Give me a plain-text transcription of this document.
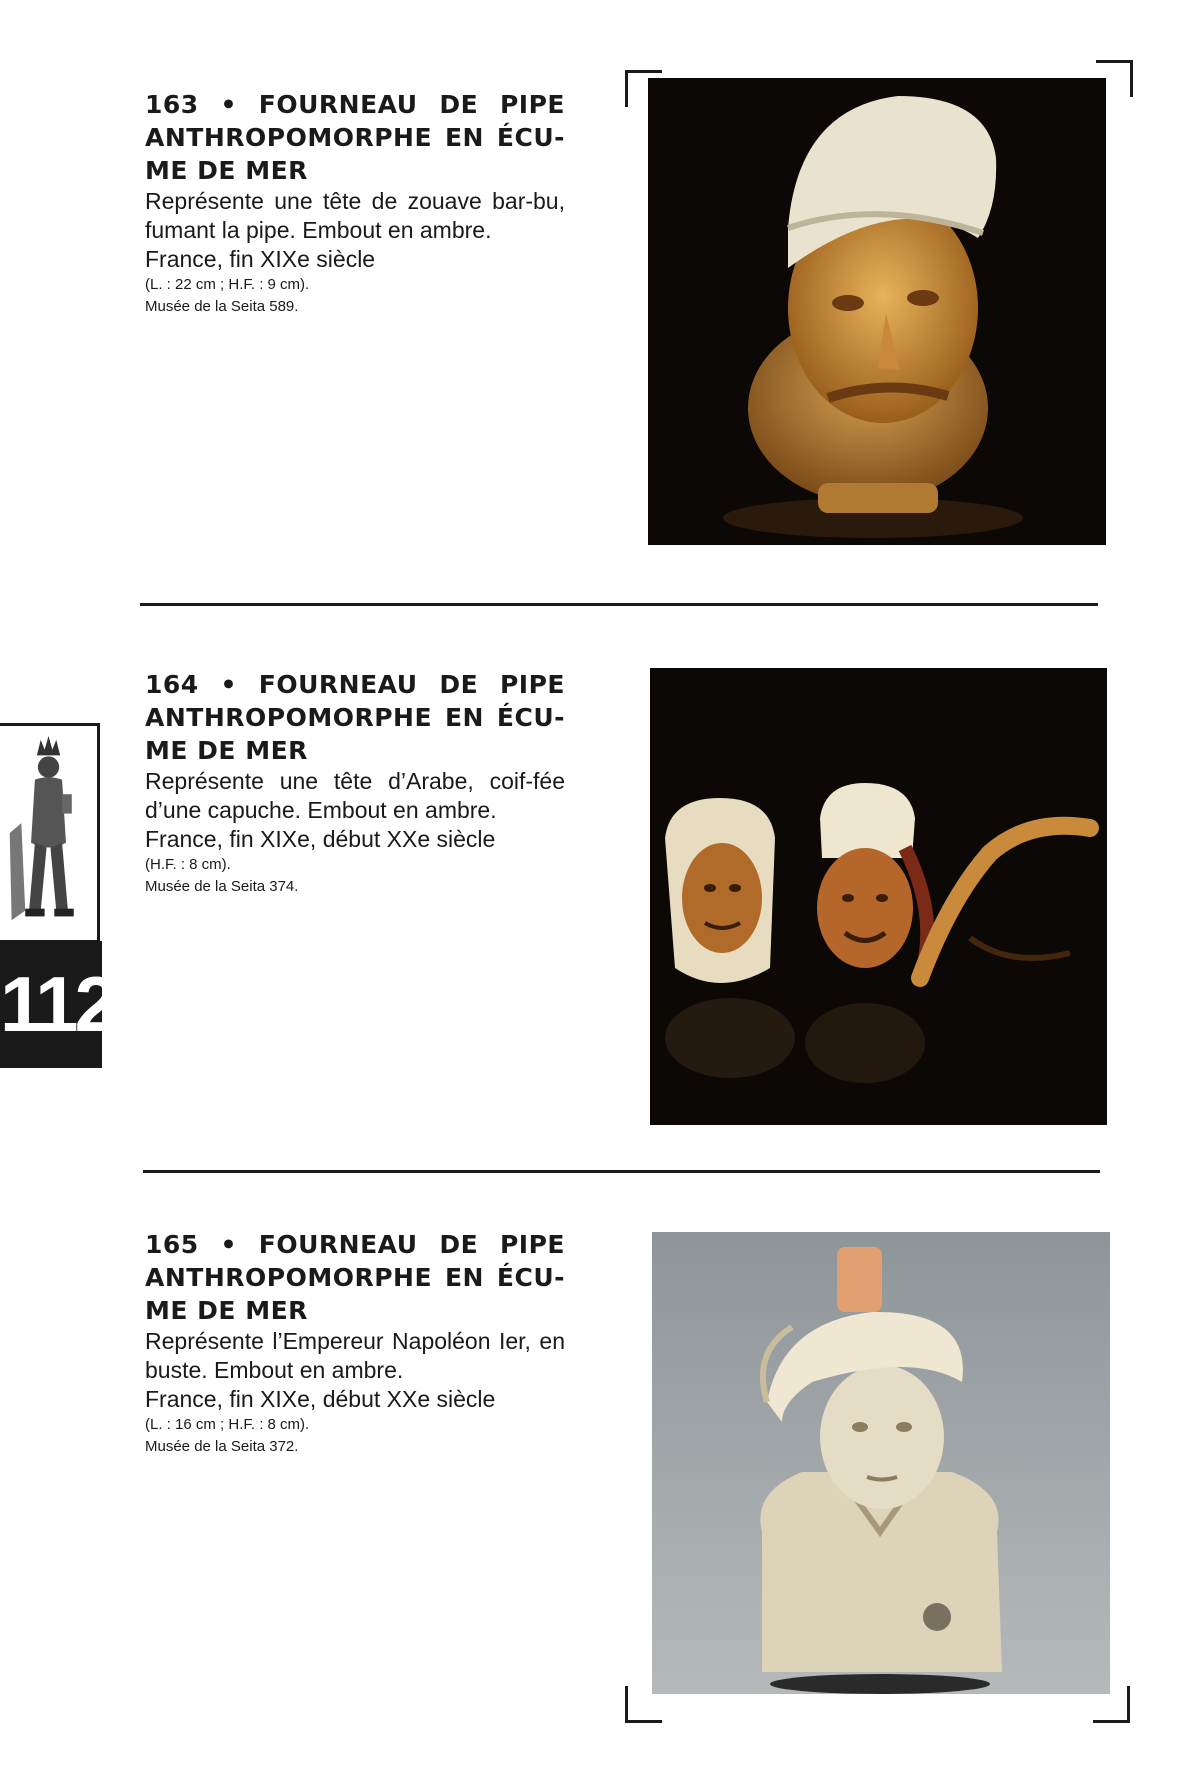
163 • FOURNEAU DE PIPE ANTHROPOMORPHE EN ÉCU-ME DE MER

Représente une tête de zouave bar-bu, fumant la pipe. Embout en ambre.

France, fin XIXe siècle

(L. : 22 cm ; H.F. : 9 cm).

Musée de la Seita 589.

164 • FOURNEAU DE PIPE ANTHROPOMORPHE EN ÉCU-ME DE MER

Représente une tête d’Arabe, coif-fée d’une capuche. Embout en ambre.

France, fin XIXe, début XXe siècle

(H.F. : 8 cm).

Musée de la Seita 374.

165 • FOURNEAU DE PIPE ANTHROPOMORPHE EN ÉCU-ME DE MER

Représente l’Empereur Napoléon Ier, en buste. Embout en ambre.

France, fin XIXe, début XXe siècle

(L. : 16 cm ; H.F. : 8 cm).

Musée de la Seita 372.

112
